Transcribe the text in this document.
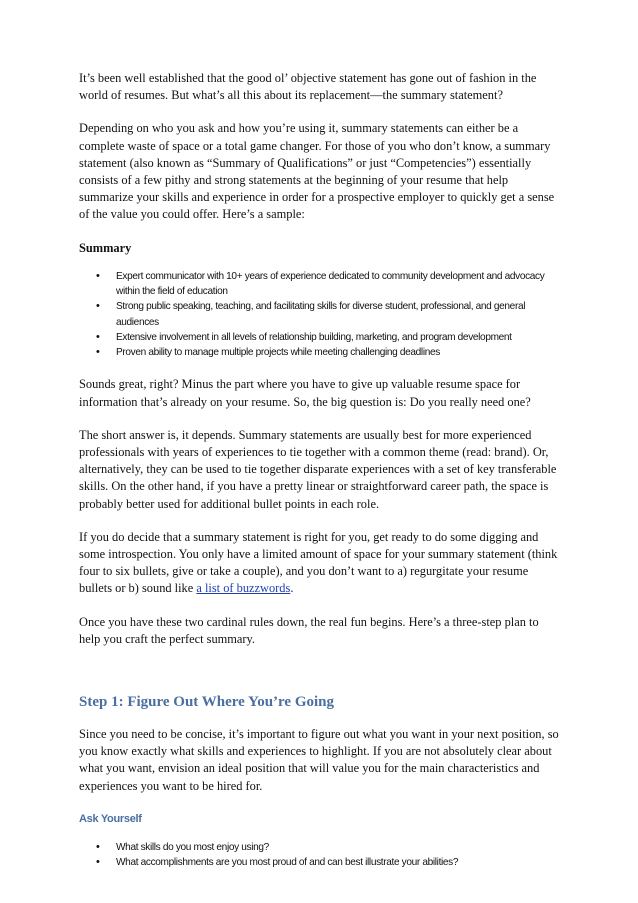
It’s been well established that the good ol’ objective statement has gone out of fashion in the world of resumes. But what’s all this about its replacement—the summary statement?

Depending on who you ask and how you’re using it, summary statements can either be a complete waste of space or a total game changer. For those of you who don’t know, a summary statement (also known as “Summary of Qualifications” or just “Competencies”) essentially consists of a few pithy and strong statements at the beginning of your resume that help summarize your skills and experience in order for a prospective employer to quickly get a sense of the value you could offer. Here’s a sample:

Summary
• Expert communicator with 10+ years of experience dedicated to community development and advocacy within the field of education
• Strong public speaking, teaching, and facilitating skills for diverse student, professional, and general audiences
• Extensive involvement in all levels of relationship building, marketing, and program development
• Proven ability to manage multiple projects while meeting challenging deadlines

Sounds great, right? Minus the part where you have to give up valuable resume space for information that’s already on your resume. So, the big question is: Do you really need one?

The short answer is, it depends. Summary statements are usually best for more experienced professionals with years of experiences to tie together with a common theme (read: brand). Or, alternatively, they can be used to tie together disparate experiences with a set of key transferable skills. On the other hand, if you have a pretty linear or straightforward career path, the space is probably better used for additional bullet points in each role.

If you do decide that a summary statement is right for you, get ready to do some digging and some introspection. You only have a limited amount of space for your summary statement (think four to six bullets, give or take a couple), and you don’t want to a) regurgitate your resume bullets or b) sound like a list of buzzwords.

Once you have these two cardinal rules down, the real fun begins. Here’s a three-step plan to help you craft the perfect summary.

Step 1: Figure Out Where You’re Going

Since you need to be concise, it’s important to figure out what you want in your next position, so you know exactly what skills and experiences to highlight. If you are not absolutely clear about what you want, envision an ideal position that will value you for the main characteristics and experiences you want to be hired for.

Ask Yourself
• What skills do you most enjoy using?
• What accomplishments are you most proud of and can best illustrate your abilities?
